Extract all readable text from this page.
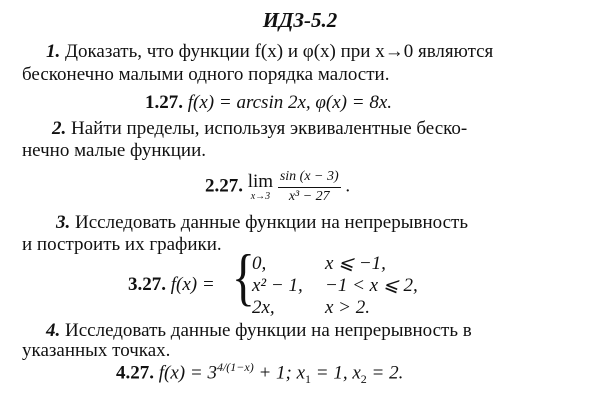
ИДЗ-5.2
1. Доказать, что функции f(x) и φ(x) при x→0 являются
бесконечно малыми одного порядка малости.
1.27. f(x) = arcsin 2x, φ(x) = 8x.
2. Найти пределы, используя эквивалентные беско-
нечно малые функции.
2.27. lim
x→3
$\frac{\sin (x - 3)}{\text{x³ − 27}}$ .
3. Исследовать данные функции на непрерывность
и построить их графики.
3.27. f(x) = {
0,	x ⩽ −1,
x² − 1, −1 < x ⩽ 2,
2x,	x > 2.
4. Исследовать данные функции на непрерывность в
указанных точках.
4.27. $f(x) = 3^{4/(1-x)} + 1$; $x_1 = 1$, $x_2 = 2$.
